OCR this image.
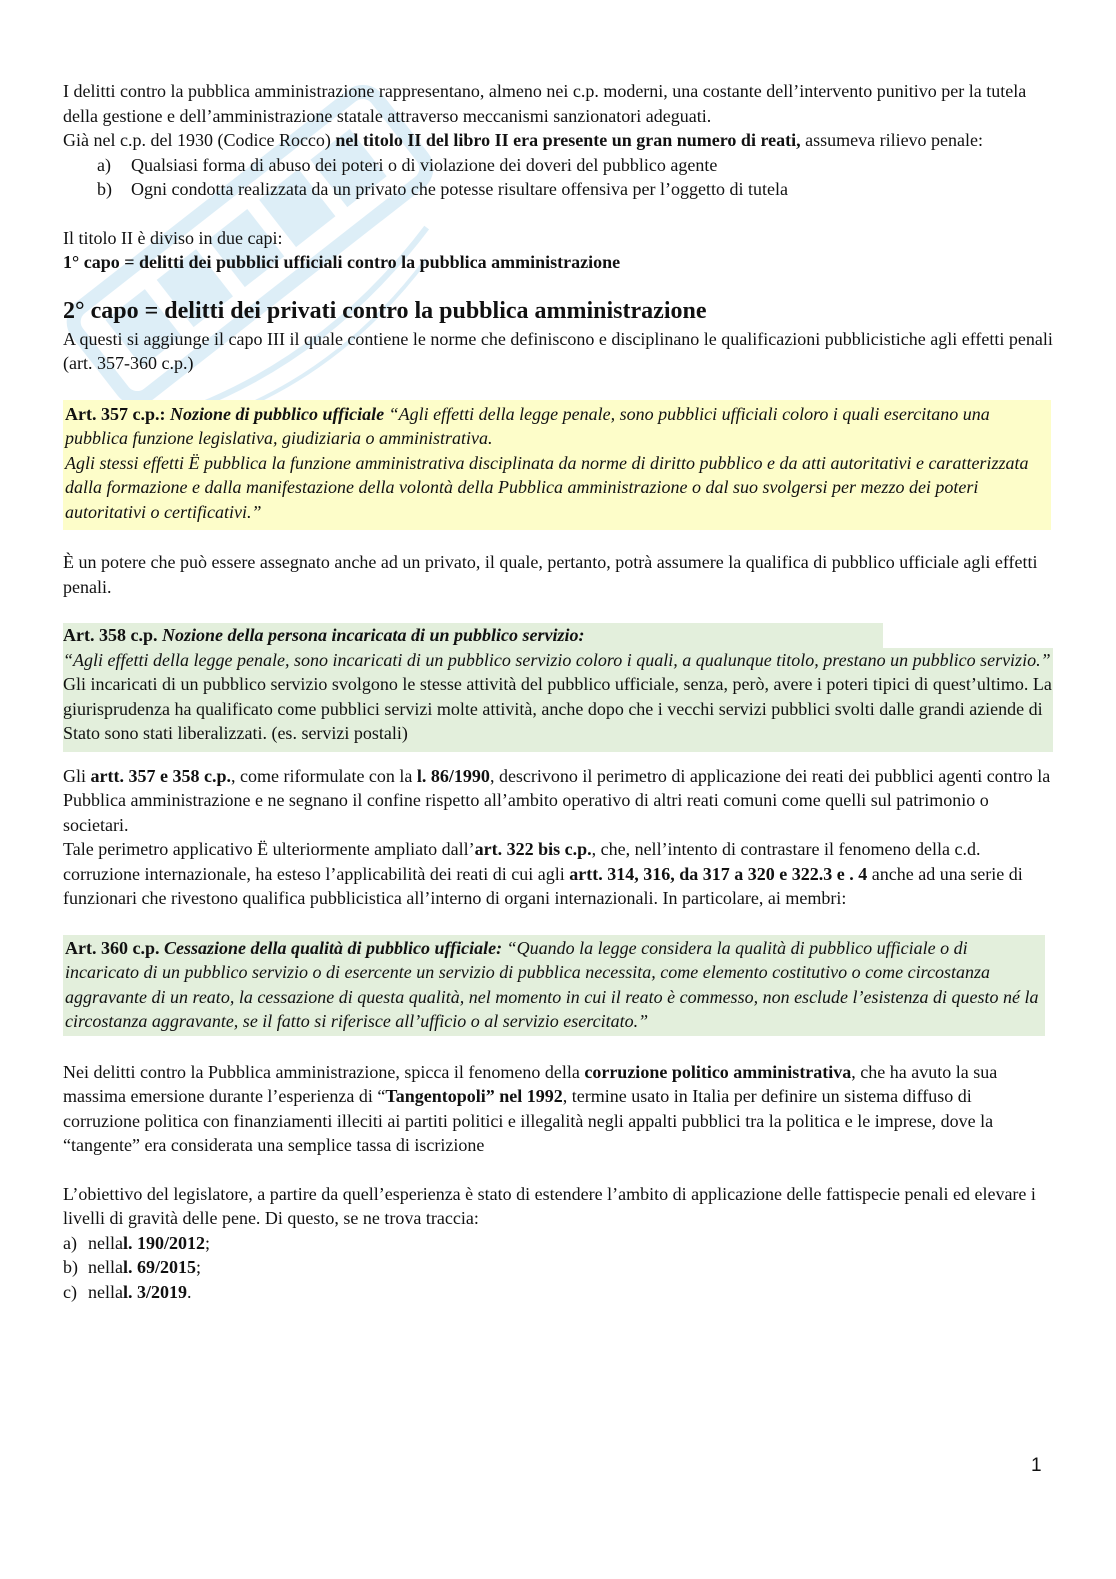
I delitti contro la pubblica amministrazione rappresentano, almeno nei c.p. moderni, una costante dell’intervento punitivo per la tutela della gestione e dell’amministrazione statale attraverso meccanismi sanzionatori adeguati.

Già nel c.p. del 1930 (Codice Rocco) nel titolo II del libro II era presente un gran numero di reati, assumeva rilievo penale:

a)	Qualsiasi forma di abuso dei poteri o di violazione dei doveri del pubblico agente
b)	Ogni condotta realizzata da un privato che potesse risultare offensiva per l’oggetto di tutela

Il titolo II è diviso in due capi:

1° capo = delitti dei pubblici ufficiali contro la pubblica amministrazione

2° capo = delitti dei privati contro la pubblica amministrazione

A questi si aggiunge il capo III il quale contiene le norme che definiscono e disciplinano le qualificazioni pubblicistiche agli effetti penali (art. 357-360 c.p.)

Art. 357 c.p.: Nozione di pubblico ufficiale “Agli effetti della legge penale, sono pubblici ufficiali coloro i quali esercitano una pubblica funzione legislativa, giudiziaria o amministrativa.
Agli stessi effetti Ë pubblica la funzione amministrativa disciplinata da norme di diritto pubblico e da atti autoritativi e caratterizzata dalla formazione e dalla manifestazione della volontà della Pubblica amministrazione o dal suo svolgersi per mezzo dei poteri autoritativi o certificativi.”

È un potere che può essere assegnato anche ad un privato, il quale, pertanto, potrà assumere la qualifica di pubblico ufficiale agli effetti penali.

Art. 358 c.p. Nozione della persona incaricata di un pubblico servizio:

“Agli effetti della legge penale, sono incaricati di un pubblico servizio coloro i quali, a qualunque titolo, prestano un pubblico servizio.”

Gli incaricati di un pubblico servizio svolgono le stesse attività del pubblico ufficiale, senza, però, avere i poteri tipici di quest’ultimo. La giurisprudenza ha qualificato come pubblici servizi molte attività, anche dopo che i vecchi servizi pubblici svolti dalle grandi aziende di Stato sono stati liberalizzati. (es. servizi postali)

Gli artt. 357 e 358 c.p., come riformulate con la l. 86/1990, descrivono il perimetro di applicazione dei reati dei pubblici agenti contro la Pubblica amministrazione e ne segnano il confine rispetto all’ambito operativo di altri reati comuni come quelli sul patrimonio o societari.
Tale perimetro applicativo Ë ulteriormente ampliato dall’art. 322 bis c.p., che, nell’intento di contrastare il fenomeno della c.d. corruzione internazionale, ha esteso l’applicabilità dei reati di cui agli artt. 314, 316, da 317 a 320 e 322.3 e . 4 anche ad una serie di funzionari che rivestono qualifica pubblicistica all’interno di organi internazionali. In particolare, ai membri:

Art. 360 c.p. Cessazione della qualità di pubblico ufficiale: “Quando la legge considera la qualità di pubblico ufficiale o di incaricato di un pubblico servizio o di esercente un servizio di pubblica necessita, come elemento costitutivo o come circostanza aggravante di un reato, la cessazione di questa qualità, nel momento in cui il reato è commesso, non esclude l’esistenza di questo né la circostanza aggravante, se il fatto si riferisce all’ufficio o al servizio esercitato.”

Nei delitti contro la Pubblica amministrazione, spicca il fenomeno della corruzione politico amministrativa, che ha avuto la sua massima emersione durante l’esperienza di “Tangentopoli” nel 1992, termine usato in Italia per definire un sistema diffuso di corruzione politica con finanziamenti illeciti ai partiti politici e illegalità negli appalti pubblici tra la politica e le imprese, dove la “tangente” era considerata una semplice tassa di iscrizione

L’obiettivo del legislatore, a partire da quell’esperienza è stato di estendere l’ambito di applicazione delle fattispecie penali ed elevare i livelli di gravità delle pene. Di questo, se ne trova traccia:

a) nella l. 190/2012 ;
b) nella l. 69/2015 ;
c) nella l. 3/2019 .
1
